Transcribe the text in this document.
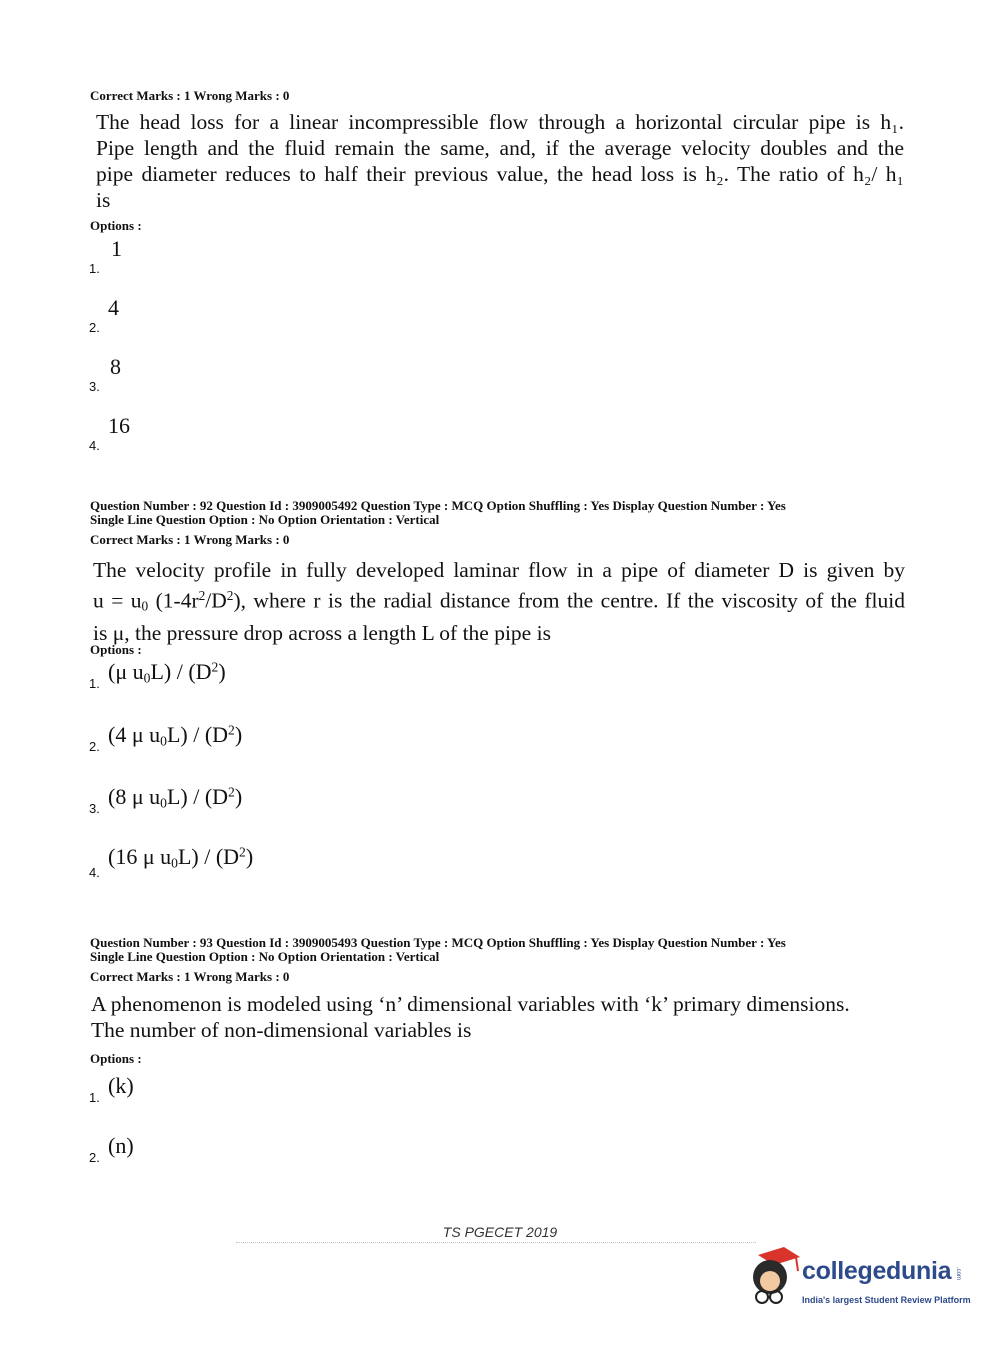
Correct Marks : 1 Wrong Marks : 0
The head loss for a linear incompressible flow through a horizontal circular pipe is h₁.
Pipe length and the fluid remain the same, and, if the average velocity doubles and the
pipe diameter reduces to half their previous value, the head loss is h₂. The ratio of h₂/ h₁
is
Options :
1.
1
2.
4
3.
8
4.
16
Question Number : 92 Question Id : 3909005492 Question Type : MCQ Option Shuffling : Yes Display Question Number : Yes
Single Line Question Option : No Option Orientation : Vertical
Correct Marks : 1 Wrong Marks : 0
The velocity profile in fully developed laminar flow in a pipe of diameter D is given by
$u = u_0$ $(1-4r^2/D^2)$, where r is the radial distance from the centre. If the viscosity of the fluid
is μ, the pressure drop across a length L of the pipe is
Options :
1. (μ $u_0L) / (D^2)$
2. (4 μ $u_0L) / (D^2)$
3. (8 μ $u_0L) / (D^2)$
4.
(16 μ $u_0L) / (D^2)$
Question Number : 93 Question Id : 3909005493 Question Type : MCQ Option Shuffling : Yes Display Question Number : Yes
Single Line Question Option : No Option Orientation : Vertical
Correct Marks : 1 Wrong Marks : 0
A phenomenon is modeled using ‘n’ dimensional variables with ‘k’ primary dimensions.
The number of non-dimensional variables is
Options :
1. (k)
2. (n)
TS PGECET 2019
collegedunia .com
India's largest Student Review Platform
